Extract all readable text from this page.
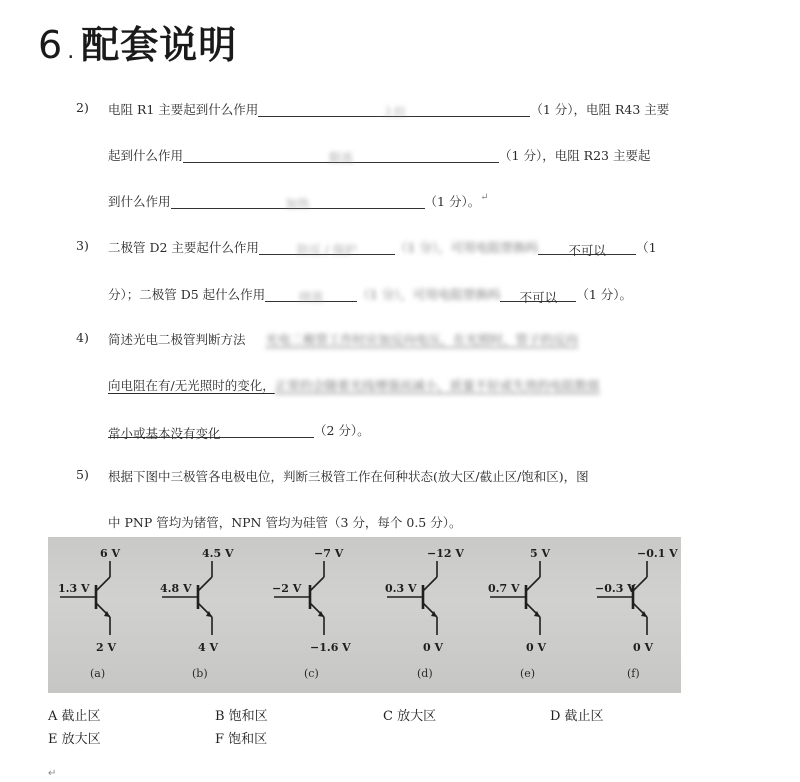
6 . 配套说明
2) 电阻 R1 主要起到什么作用	上拉	（1 分），电阻 R43 主要
起到什么作用	限流	（1 分），电阻 R23 主要起
到什么作用	加热	（1 分）。 ↵
3) 二极管 D2 主要起什么作用	防反 / 保护	（1 分），可用电阻替换吗 不可以 （1
分）；二极管 D5 起什么作用	续流	（1 分），可用电阻替换吗 不可以 （1 分）。
4) 简述光电二极管判断方法 光电二极管工作时应加反向电压，在光照时，管子的反向
向电阻在有/无光照时的变化，正常的会随着光线增强而减小，质量不好或失效的电阻数值
常小或基本没有变化	（2 分）。
5) 根据下图中三极管各电极电位，判断三极管工作在何种状态(放大区/截止区/饱和区)，图
中 PNP 管均为锗管，NPN 管均为硅管（3 分，每个 0.5 分）。
6 V
1.3 V
2 V
(a)
4.5 V
4.8 V
4 V
(b)
−7 V
−2 V
−1.6 V
(c)
−12 V
0.3 V
0 V
(d)
5 V
0.7 V
0 V
(e)
−0.1 V
−0.3 V
0 V
(f)
A 截止区	B 饱和区	C 放大区	D 截止区
E 放大区	F 饱和区
↵
